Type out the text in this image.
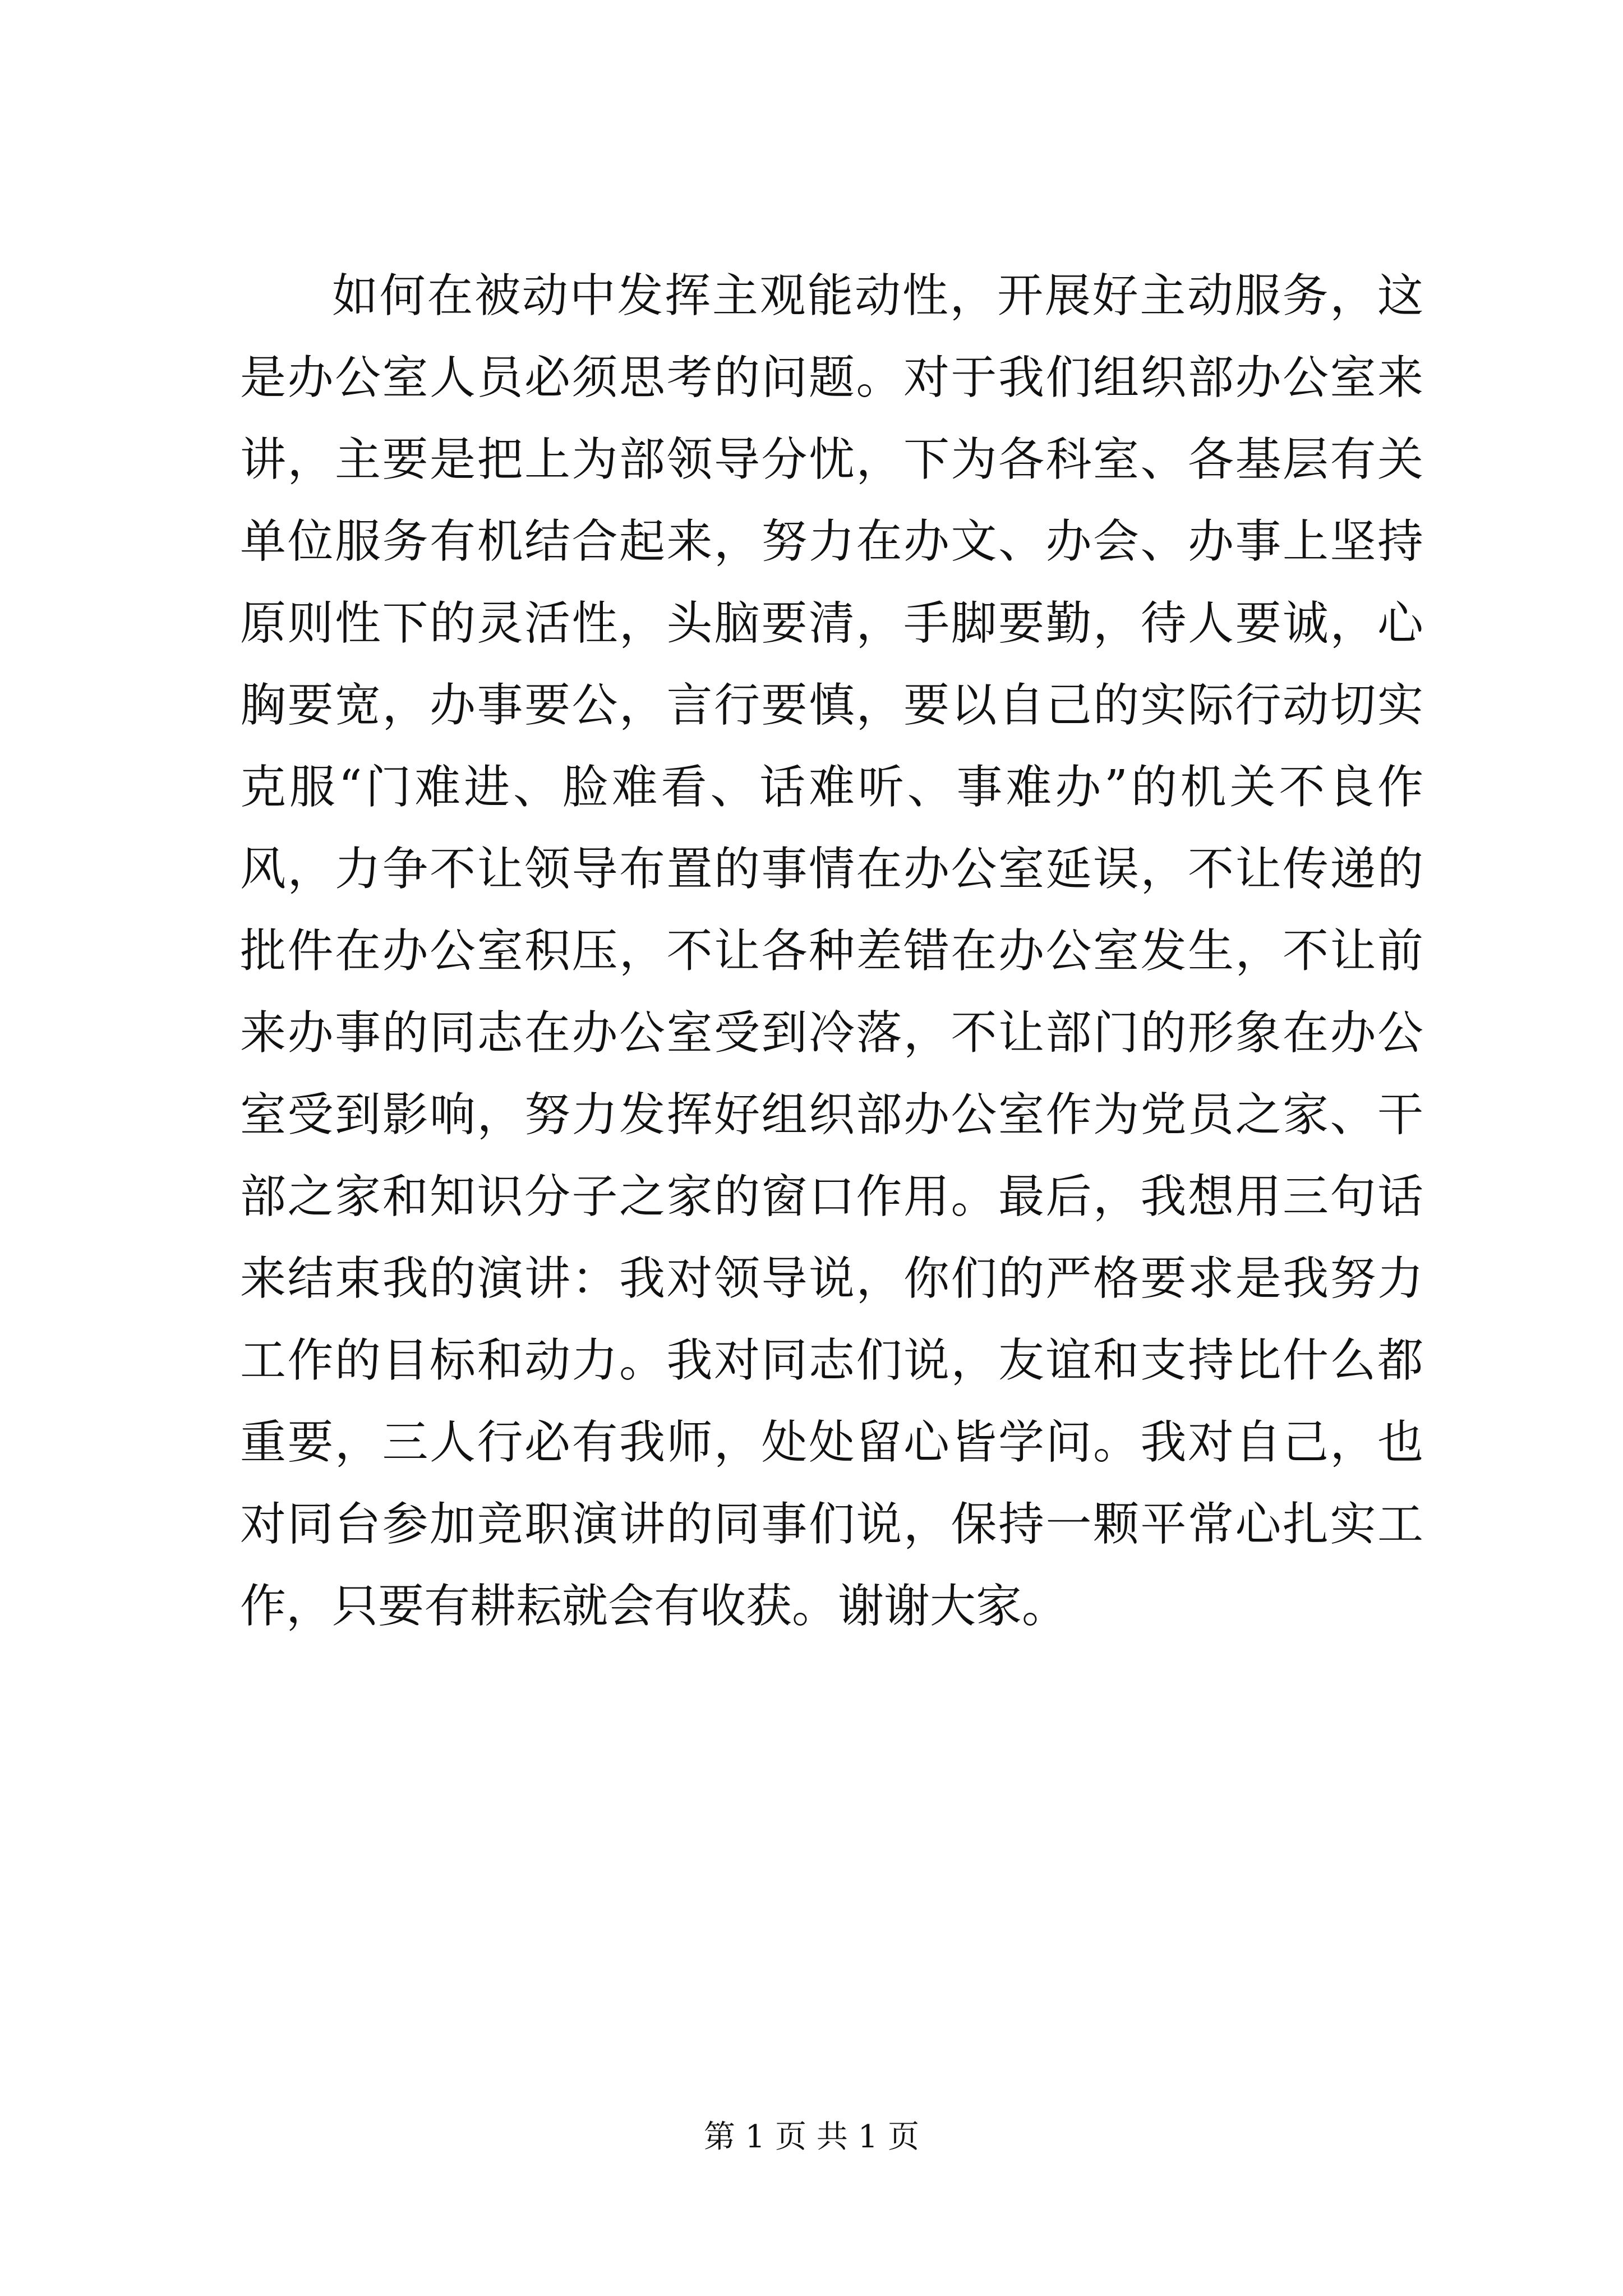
如何在被动中发挥主观能动性，开展好主动服务，这是办公室人员必须思考的问题。对于我们组织部办公室来讲，主要是把上为部领导分忧，下为各科室、各基层有关单位服务有机结合起来，努力在办文、办会、办事上坚持原则性下的灵活性，头脑要清，手脚要勤，待人要诚，心胸要宽，办事要公，言行要慎，要以自己的实际行动切实克服“门难进、脸难看、话难听、事难办”的机关不良作风，力争不让领导布置的事情在办公室延误，不让传递的批件在办公室积压，不让各种差错在办公室发生，不让前来办事的同志在办公室受到冷落，不让部门的形象在办公室受到影响，努力发挥好组织部办公室作为党员之家、干部之家和知识分子之家的窗口作用。最后，我想用三句话来结束我的演讲：我对领导说，你们的严格要求是我努力工作的目标和动力。我对同志们说，友谊和支持比什么都重要，三人行必有我师，处处留心皆学问。我对自己，也对同台参加竞职演讲的同事们说，保持一颗平常心扎实工作，只要有耕耘就会有收获。谢谢大家。

第 1 页 共 1 页
